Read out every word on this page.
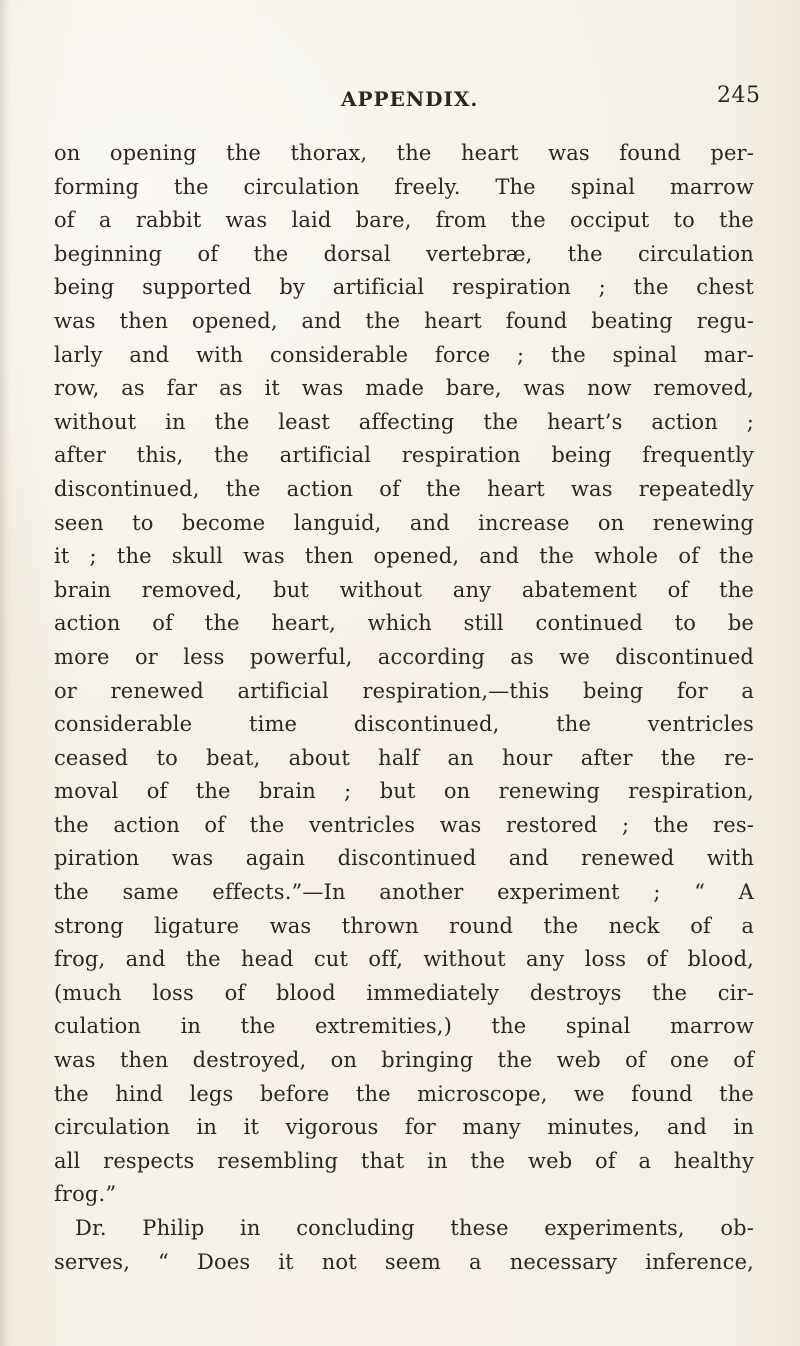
APPENDIX.	245
on opening the thorax, the heart was found per-
forming the circulation freely. The spinal marrow
of a rabbit was laid bare, from the occiput to the
beginning of the dorsal vertebræ, the circulation
being supported by artificial respiration ; the chest
was then opened, and the heart found beating regu-
larly and with considerable force ; the spinal mar-
row, as far as it was made bare, was now removed,
without in the least affecting the heart’s action ;
after this, the artificial respiration being frequently
discontinued, the action of the heart was repeatedly
seen to become languid, and increase on renewing
it ; the skull was then opened, and the whole of the
brain removed, but without any abatement of the
action of the heart, which still continued to be
more or less powerful, according as we discontinued
or renewed artificial respiration,—this being for a
considerable time discontinued, the ventricles
ceased to beat, about half an hour after the re-
moval of the brain ; but on renewing respiration,
the action of the ventricles was restored ; the res-
piration was again discontinued and renewed with
the same effects.”—In another experiment ; “ A
strong ligature was thrown round the neck of a
frog, and the head cut off, without any loss of blood,
(much loss of blood immediately destroys the cir-
culation in the extremities,) the spinal marrow
was then destroyed, on bringing the web of one of
the hind legs before the microscope, we found the
circulation in it vigorous for many minutes, and in
all respects resembling that in the web of a healthy
frog.”
Dr. Philip in concluding these experiments, ob-
serves, “ Does it not seem a necessary inference,
